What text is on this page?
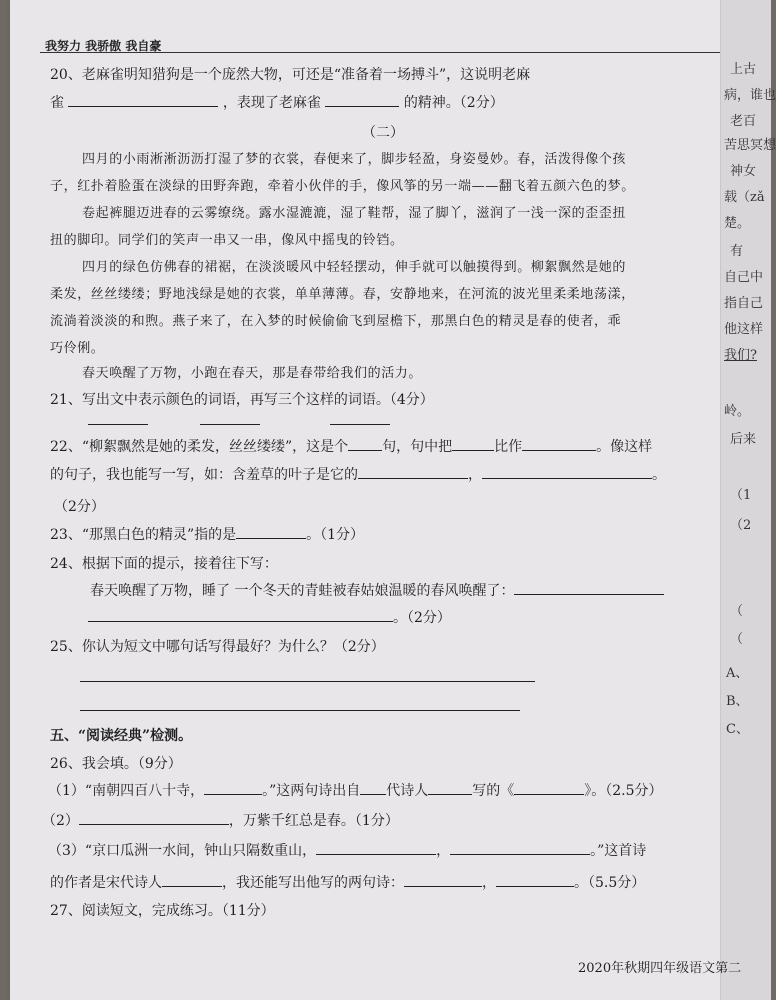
我努力 我骄傲 我自豪
20、老麻雀明知猎狗是一个庞然大物，可还是“准备着一场搏斗”，这说明老麻
雀	，表现了老麻雀	的精神。（2分）
（二）
四月的小雨淅淅沥沥打湿了梦的衣裳，春便来了，脚步轻盈，身姿曼妙。春，活泼得像个孩
子，红扑着脸蛋在淡绿的田野奔跑，牵着小伙伴的手，像风筝的另一端——翻飞着五颜六色的梦。
卷起裤腿迈进春的云雾缭绕。露水湿漉漉，湿了鞋帮，湿了脚丫，滋润了一浅一深的歪歪扭
扭的脚印。同学们的笑声一串又一串，像风中摇曳的铃铛。
四月的绿色仿佛春的裙裾，在淡淡暖风中轻轻摆动，伸手就可以触摸得到。柳絮飘然是她的
柔发，丝丝缕缕；野地浅绿是她的衣裳，单单薄薄。春，安静地来，在河流的波光里柔柔地荡漾，
流淌着淡淡的和煦。燕子来了，在入梦的时候偷偷飞到屋檐下，那黑白色的精灵是春的使者，乖
巧伶俐。
春天唤醒了万物，小跑在春天，那是春带给我们的活力。
21、写出文中表示颜色的词语，再写三个这样的词语。（4分）
22、“柳絮飘然是她的柔发，丝丝缕缕”，这是个 句，句中把	比作	。像这样
的句子，我也能写一写，如：含羞草的叶子是它的	，	。
（2分）
23、“那黑白色的精灵”指的是	。（1分）
24、根据下面的提示，接着往下写：
春天唤醒了万物，睡了 一个冬天的青蛙被春姑娘温暖的春风唤醒了：
。（2分）
25、你认为短文中哪句话写得最好？为什么？（2分）
五、“阅读经典”检测。
26、我会填。（9分）
（1）“南朝四百八十寺，	。”这两句诗出自 代诗人	写的《	》。（2.5分）
（2）	，万紫千红总是春。（1分）
（3）“京口瓜洲一水间，钟山只隔数重山，	，	。”这首诗
的作者是宋代诗人	，我还能写出他写的两句诗：	，	。（5.5分）
27、阅读短文，完成练习。（11分）
2020年秋期四年级语文第二
上古
病，谁也
老百
苦思冥想
神女
载（zǎ
楚。
有
自己中
指自己
他这样
我们?
岭。
后来
（1
（2
（
（
A、
B、
C、
